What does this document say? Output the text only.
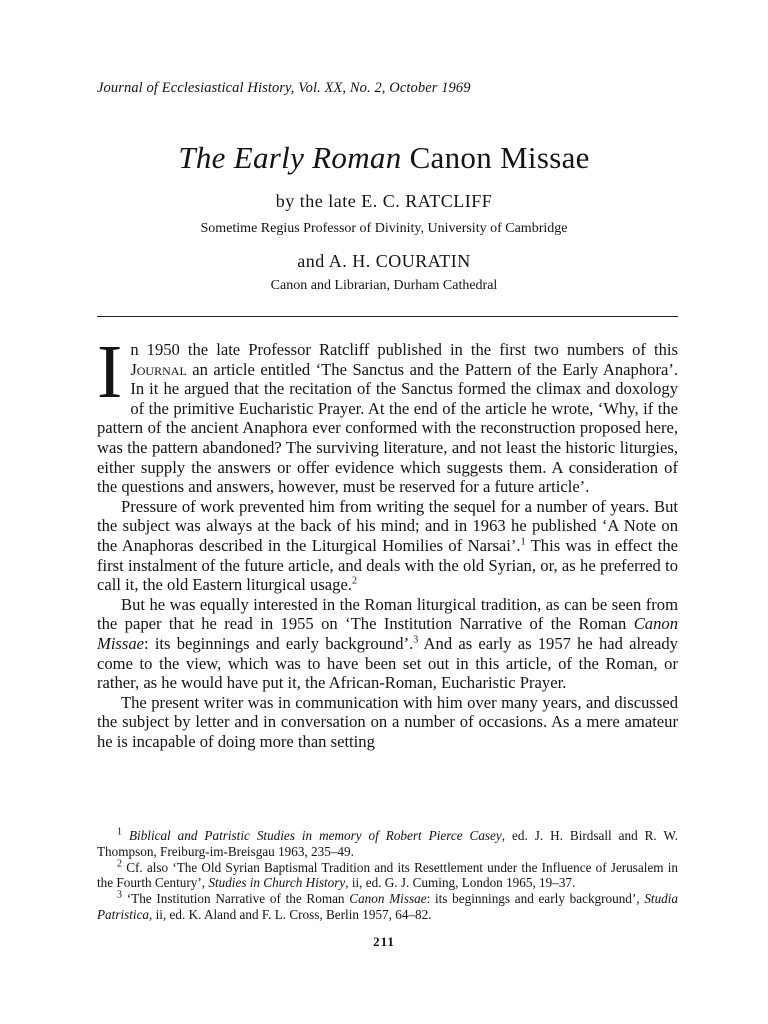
Journal of Ecclesiastical History, Vol. XX, No. 2, October 1969
The Early Roman Canon Missae
by the late E. C. RATCLIFF
Sometime Regius Professor of Divinity, University of Cambridge
and A. H. COURATIN
Canon and Librarian, Durham Cathedral

In 1950 the late Professor Ratcliff published in the first two numbers of this Journal an article entitled ‘The Sanctus and the Pattern of the Early Anaphora’. In it he argued that the recitation of the Sanctus formed the climax and doxology of the primitive Eucharistic Prayer. At the end of the article he wrote, ‘Why, if the pattern of the ancient Anaphora ever conformed with the reconstruction proposed here, was the pattern abandoned? The surviving literature, and not least the historic liturgies, either supply the answers or offer evidence which suggests them. A consideration of the questions and answers, however, must be reserved for a future article’.

Pressure of work prevented him from writing the sequel for a number of years. But the subject was always at the back of his mind; and in 1963 he published ‘A Note on the Anaphoras described in the Liturgical Homilies of Narsai’.$^1$ This was in effect the first instalment of the future article, and deals with the old Syrian, or, as he preferred to call it, the old Eastern liturgical usage.$^2$

But he was equally interested in the Roman liturgical tradition, as can be seen from the paper that he read in 1955 on ‘The Institution Narrative of the Roman Canon Missae: its beginnings and early background’.$^3$ And as early as 1957 he had already come to the view, which was to have been set out in this article, of the Roman, or rather, as he would have put it, the African-Roman, Eucharistic Prayer.

The present writer was in communication with him over many years, and discussed the subject by letter and in conversation on a number of occasions. As a mere amateur he is incapable of doing more than setting

$^1$ Biblical and Patristic Studies in memory of Robert Pierce Casey, ed. J. H. Birdsall and R. W. Thompson, Freiburg-im-Breisgau 1963, 235–49.

$^2$ Cf. also ‘The Old Syrian Baptismal Tradition and its Resettlement under the Influence of Jerusalem in the Fourth Century’, Studies in Church History, ii, ed. G. J. Cuming, London 1965, 19–37.

$^3$ ‘The Institution Narrative of the Roman Canon Missae: its beginnings and early background’, Studia Patristica, ii, ed. K. Aland and F. L. Cross, Berlin 1957, 64–82.

211
